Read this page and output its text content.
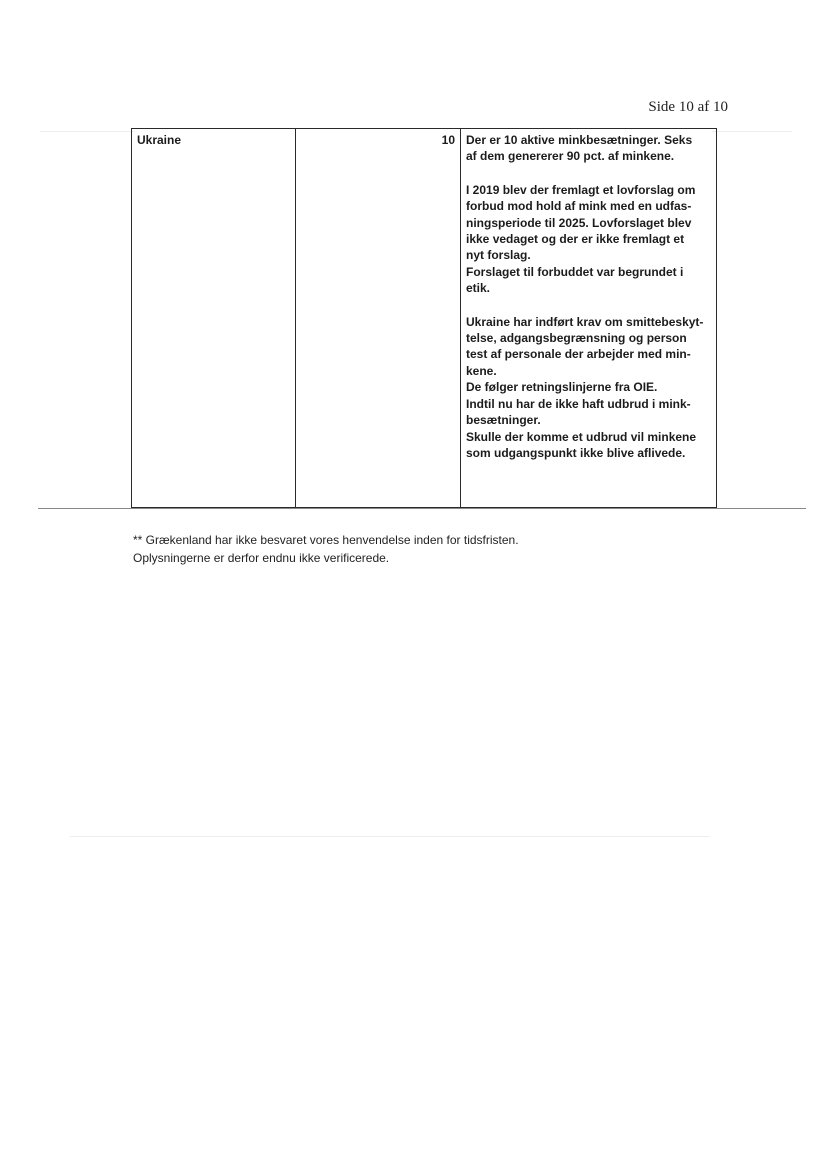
Side 10 af 10
Ukraine	10	Der er 10 aktive minkbesætninger. Seks
af dem genererer 90 pct. af minkene.
I 2019 blev der fremlagt et lovforslag om
forbud mod hold af mink med en udfas-
ningsperiode til 2025. Lovforslaget blev
ikke vedaget og der er ikke fremlagt et
nyt forslag.
Forslaget til forbuddet var begrundet i
etik.
Ukraine har indført krav om smittebeskyt-
telse, adgangsbegrænsning og person
test af personale der arbejder med min-
kene.
De følger retningslinjerne fra OIE.
Indtil nu har de ikke haft udbrud i mink-
besætninger.
Skulle der komme et udbrud vil minkene
som udgangspunkt ikke blive aflivede.
** Grækenland har ikke besvaret vores henvendelse inden for tidsfristen.
Oplysningerne er derfor endnu ikke verificerede.
